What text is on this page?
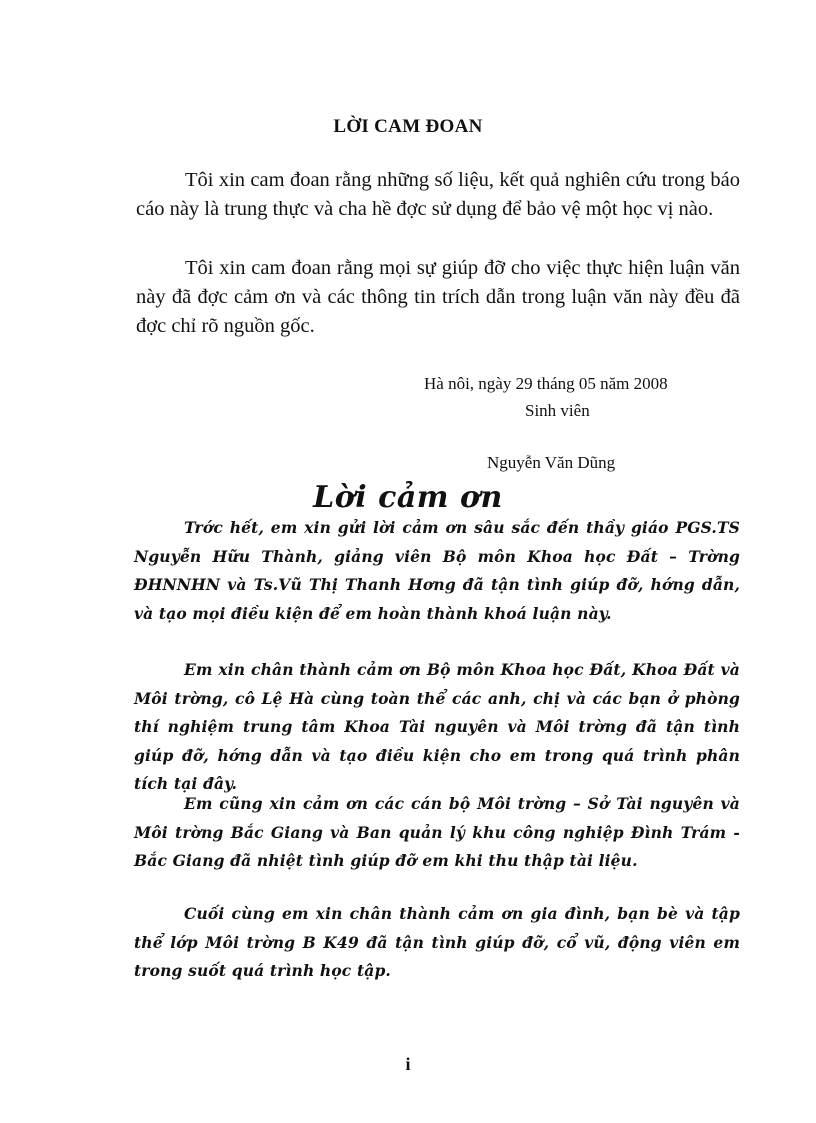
LỜI CAM ĐOAN

Tôi xin cam đoan rằng những số liệu, kết quả nghiên cứu trong báo cáo này là trung thực và cha hề đợc sử dụng để bảo vệ một học vị nào.

Tôi xin cam đoan rằng mọi sự giúp đỡ cho việc thực hiện luận văn này đã đợc cảm ơn và các thông tin trích dẫn trong luận văn này đều đã đợc chỉ rõ nguồn gốc.

Hà nôi, ngày 29 tháng 05 năm 2008
Sinh viên
Nguyễn Văn Dũng
Lời cảm ơn

Trớc hết, em xin gửi lời cảm ơn sâu sắc đến thầy giáo PGS.TS Nguyễn Hữu Thành, giảng viên Bộ môn Khoa học Đất – Trờng ĐHNNHN và Ts.Vũ Thị Thanh Hơng đã tận tình giúp đỡ, hớng dẫn, và tạo mọi điều kiện để em hoàn thành khoá luận này.

Em xin chân thành cảm ơn Bộ môn Khoa học Đất, Khoa Đất và Môi trờng, cô Lệ Hà cùng toàn thể các anh, chị và các bạn ở phòng thí nghiệm trung tâm Khoa Tài nguyên và Môi trờng đã tận tình giúp đỡ, hớng dẫn và tạo điều kiện cho em trong quá trình phân tích tại đây.

Em cũng xin cảm ơn các cán bộ Môi trờng – Sở Tài nguyên và Môi trờng Bắc Giang và Ban quản lý khu công nghiệp Đình Trám - Bắc Giang đã nhiệt tình giúp đỡ em khi thu thập tài liệu.

Cuối cùng em xin chân thành cảm ơn gia đình, bạn bè và tập thể lớp Môi trờng B K49 đã tận tình giúp đỡ, cổ vũ, động viên em trong suốt quá trình học tập.

i
